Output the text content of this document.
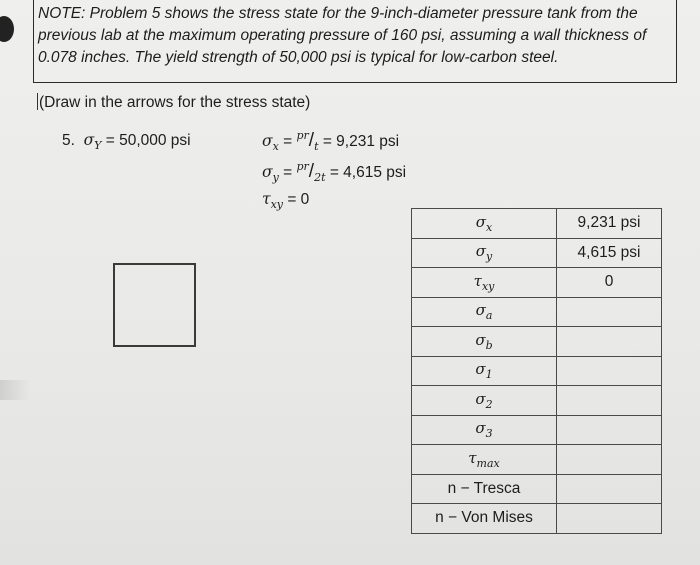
NOTE: Problem 5 shows the stress state for the 9-inch-diameter pressure tank from the
previous lab at the maximum operating pressure of 160 psi, assuming a wall thickness of
0.078 inches. The yield strength of 50,000 psi is typical for low-carbon steel.
(Draw in the arrows for the stress state)
5. $\sigma_Y = 50,000$ psi	$\sigma_x = ^{pr}/_t = 9,231$ psi
$\sigma_y = ^{pr}/_{2t} = 4,615$ psi
$\tau_{xy} = 0$
$\sigma_x$	9,231 psi
$\sigma_y$	4,615 psi
$\tau_{xy}$	0
$\sigma_a$	
$\sigma_b$	
$\sigma_1$	
$\sigma_2$	
$\sigma_3$	
$\tau_{max}$	
n − Tresca	
n − Von Mises	
